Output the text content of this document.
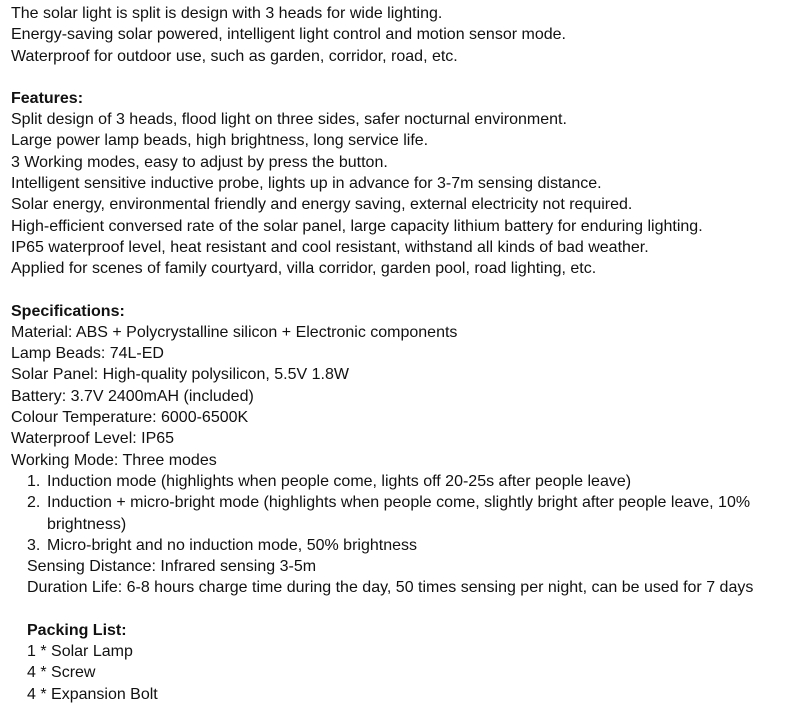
The solar light is split is design with 3 heads for wide lighting.
Energy-saving solar powered, intelligent light control and motion sensor mode.
Waterproof for outdoor use, such as garden, corridor, road, etc.
Features:
Split design of 3 heads, flood light on three sides, safer nocturnal environment.
Large power lamp beads, high brightness, long service life.
3 Working modes, easy to adjust by press the button.
Intelligent sensitive inductive probe, lights up in advance for 3-7m sensing distance.
Solar energy, environmental friendly and energy saving, external electricity not required.
High-efficient conversed rate of the solar panel, large capacity lithium battery for enduring lighting.
IP65 waterproof level, heat resistant and cool resistant, withstand all kinds of bad weather.
Applied for scenes of family courtyard, villa corridor, garden pool, road lighting, etc.
Specifications:
Material: ABS + Polycrystalline silicon + Electronic components
Lamp Beads: 74L-ED
Solar Panel: High-quality polysilicon, 5.5V 1.8W
Battery: 3.7V 2400mAH (included)
Colour Temperature: 6000-6500K
Waterproof Level: IP65
Working Mode: Three modes
1. Induction mode (highlights when people come, lights off 20-25s after people leave)
2. Induction + micro-bright mode (highlights when people come, slightly bright after people leave, 10% brightness)
3. Micro-bright and no induction mode, 50% brightness
Sensing Distance: Infrared sensing 3-5m
Duration Life: 6-8 hours charge time during the day, 50 times sensing per night, can be used for 7 days
Packing List:
1 * Solar Lamp
4 * Screw
4 * Expansion Bolt
